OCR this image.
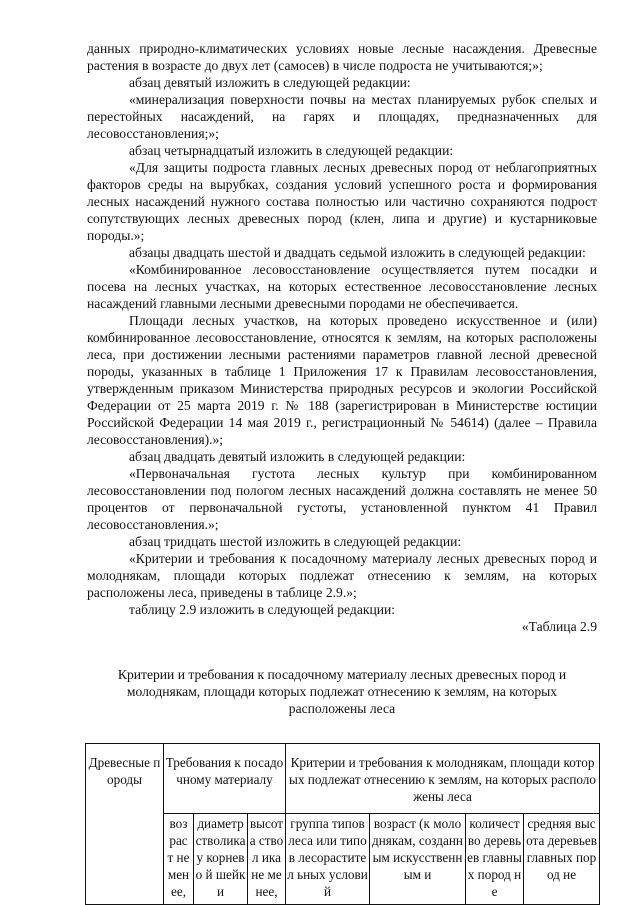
данных природно-климатических условиях новые лесные насаждения. Древесные растения в возрасте до двух лет (самосев) в числе подроста не учитываются;»;

абзац девятый изложить в следующей редакции:

«минерализация поверхности почвы на местах планируемых рубок спелых и перестойных насаждений, на гарях и площадях, предназначенных для лесовосстановления;»;

абзац четырнадцатый изложить в следующей редакции:

«Для защиты подроста главных лесных древесных пород от неблагоприятных факторов среды на вырубках, создания условий успешного роста и формирования лесных насаждений нужного состава полностью или частично сохраняются подрост сопутствующих лесных древесных пород (клен, липа и другие) и кустарниковые породы.»;

абзацы двадцать шестой и двадцать седьмой изложить в следующей редакции:

«Комбинированное лесовосстановление осуществляется путем посадки и посева на лесных участках, на которых естественное лесовосстановление лесных насаждений главными лесными древесными породами не обеспечивается.

Площади лесных участков, на которых проведено искусственное и (или) комбинированное лесовосстановление, относятся к землям, на которых расположены леса, при достижении лесными растениями параметров главной лесной древесной породы, указанных в таблице 1 Приложения 17 к Правилам лесовосстановления, утвержденным приказом Министерства природных ресурсов и экологии Российской Федерации от 25 марта 2019 г. № 188 (зарегистрирован в Министерстве юстиции Российской Федерации 14 мая 2019 г., регистрационный № 54614) (далее – Правила лесовосстановления).»;

абзац двадцать девятый изложить в следующей редакции:

«Первоначальная густота лесных культур при комбинированном лесовосстановлении под пологом лесных насаждений должна составлять не менее 50 процентов от первоначальной густоты, установленной пунктом 41 Правил лесовосстановления.»;

абзац тридцать шестой изложить в следующей редакции:

«Критерии и требования к посадочному материалу лесных древесных пород и молоднякам, площади которых подлежат отнесению к землям, на которых расположены леса, приведены в таблице 2.9.»;

таблицу 2.9 изложить в следующей редакции:

«Таблица 2.9

Критерии и требования к посадочному материалу лесных древесных пород и молоднякам, площади которых подлежат отнесению к землям, на которых расположены леса

Древесные породы	Требования к посадочному материалу			Критерии и требования к молоднякам, площади которых подлежат отнесению к землям, на которых расположены леса			
	воз рас т не мен ее,	диаметр стволика у корнево й шейки	высот а ствол ика не менее,	группа типов леса или типов лесорастител ьных условий	возраст (к молоднякам, созданным искусственным и	количест во деревьев главных пород не	средняя высота деревьев главных пород не
